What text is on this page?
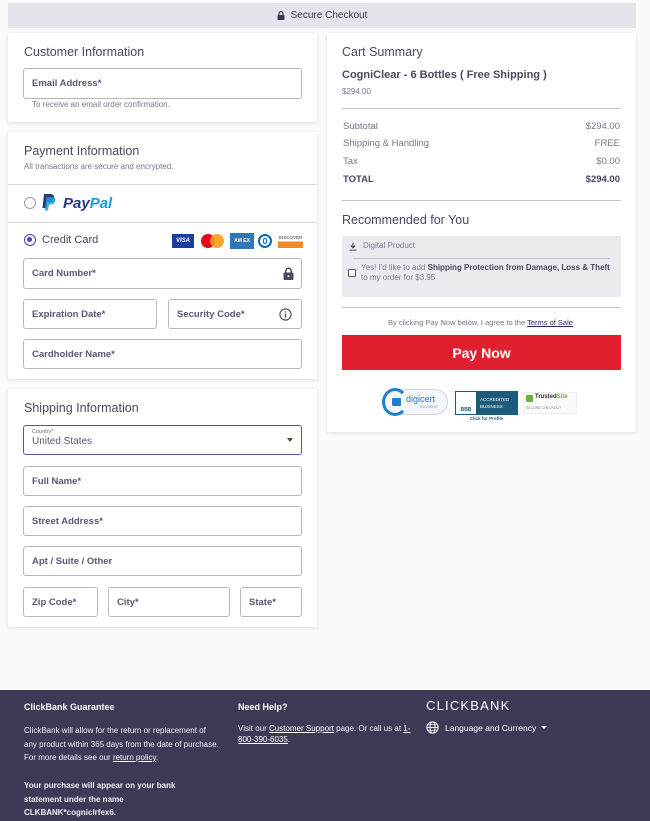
Secure Checkout
Customer Information
Email Address*
To receive an email order confirmation.
Payment Information
All transactions are secure and encrypted.
PayPal
Credit Card	VISA	AM EX
DISCOVER
Card Number*
Expiration Date*	Security Code*
Cardholder Name*
Shipping Information
Country*
United States
Full Name*
Street Address*
Apt / Suite / Other
Zip Code*	City*	State*
Cart Summary
CogniClear - 6 Bottles ( Free Shipping )
$294.00
Subtotal	$294.00
Shipping & Handling	FREE
Tax	$0.00
TOTAL	$294.00
Recommended for You
Digital Product
Yes! I'd like to add Shipping Protection from Damage, Loss & Theft to my order for $3.95
By clicking Pay Now below, I agree to the Terms of Sale.
Pay Now
digicert
SECURED	BBB
ACCREDITED
BUSINESS
Click for Profile
TrustedSite
SECURE CHECKOUT
ClickBank Guarantee
ClickBank will allow for the return or replacement of any product within 365 days from the date of purchase. For more details see our return policy.
Your purchase will appear on your bank statement under the name CLKBANK*cognicIrfex6.
Need Help?
Visit our Customer Support page. Or call us at 1-800-390-6035.
CLICKBANK
Language and Currency
